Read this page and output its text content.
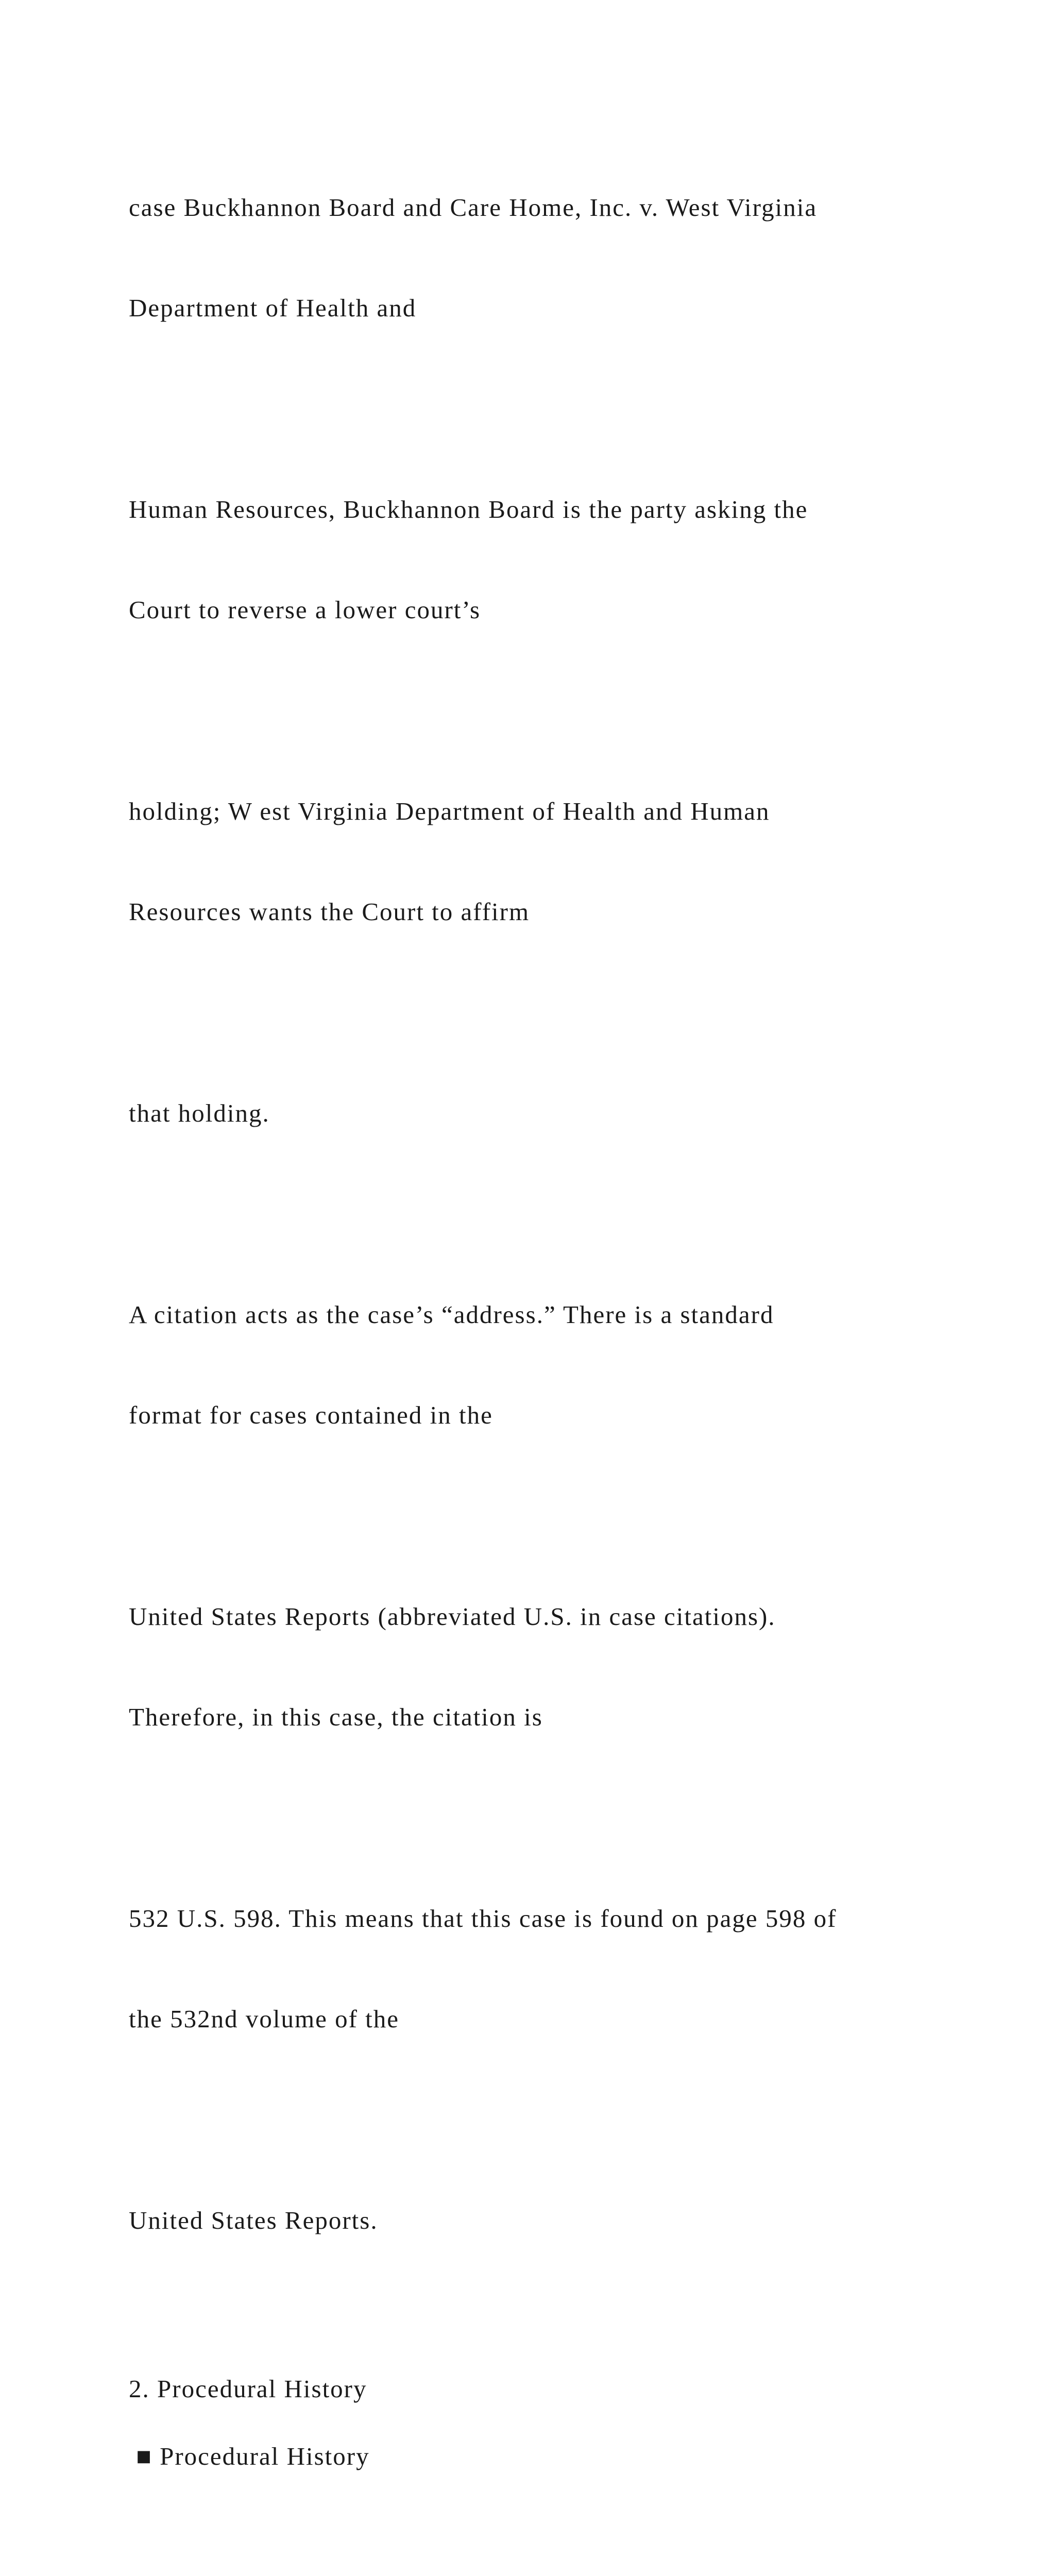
case Buckhannon Board and Care Home, Inc. v. West Virginia

Department of Health and

Human Resources, Buckhannon Board is the party asking the

Court to reverse a lower court’s

holding; W est Virginia Department of Health and Human

Resources wants the Court to affirm

that holding.

A citation acts as the case’s “address.” There is a standard

format for cases contained in the

United States Reports (abbreviated U.S. in case citations).

Therefore, in this case, the citation is

532 U.S. 598. This means that this case is found on page 598 of

the 532nd volume of the

United States Reports.

2. Procedural History

■ Procedural History
